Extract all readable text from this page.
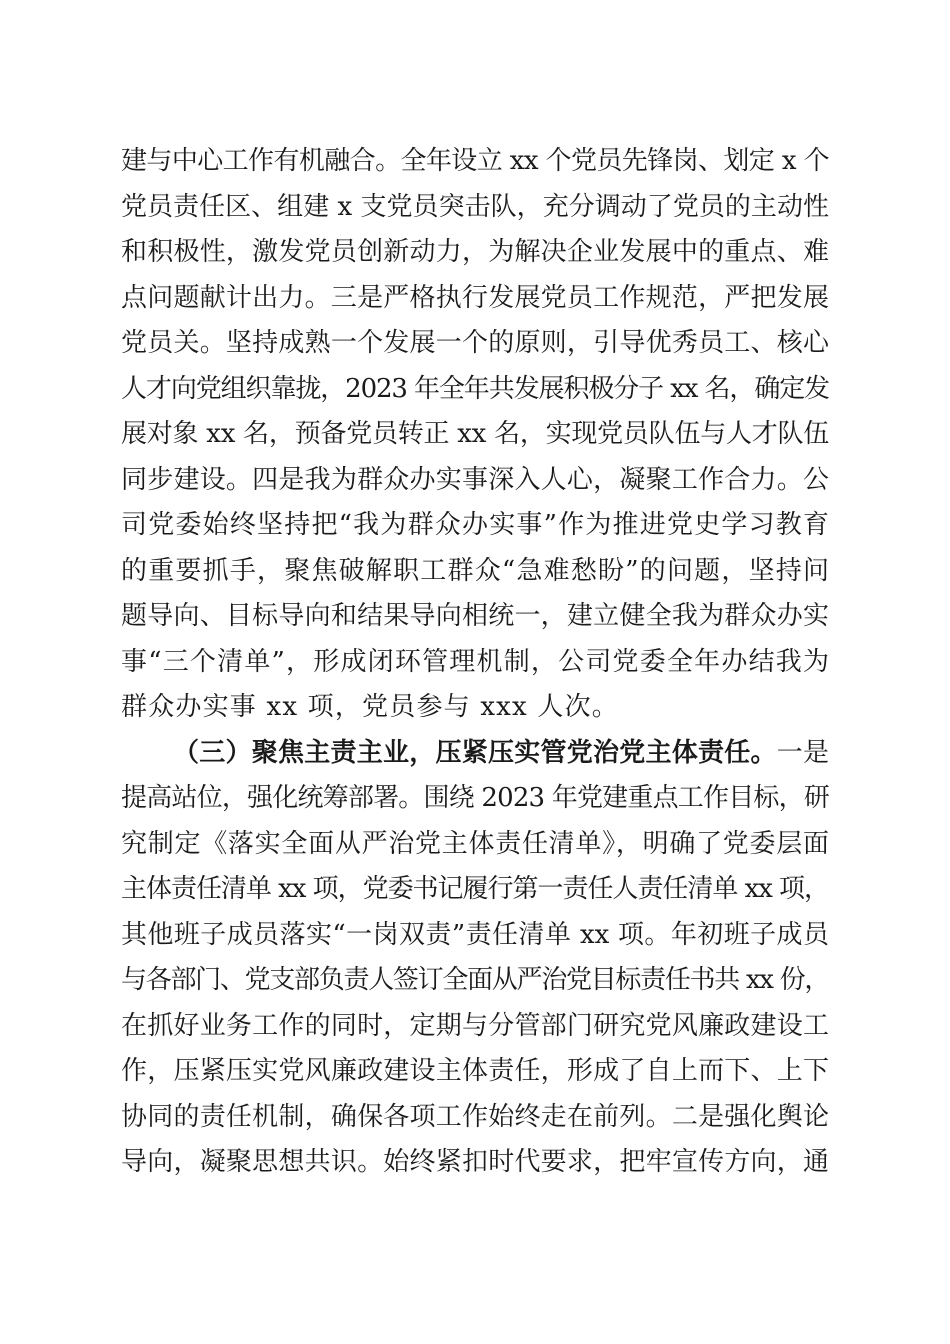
建与中心工作有机融合。全年设立 xx 个党员先锋岗、划定 x 个
党员责任区、组建 x 支党员突击队，充分调动了党员的主动性
和积极性，激发党员创新动力，为解决企业发展中的重点、难
点问题献计出力。三是严格执行发展党员工作规范，严把发展
党员关。坚持成熟一个发展一个的原则，引导优秀员工、核心
人才向党组织靠拢，2023 年全年共发展积极分子 xx 名，确定发
展对象 xx 名，预备党员转正 xx 名，实现党员队伍与人才队伍
同步建设。四是我为群众办实事深入人心，凝聚工作合力。公
司党委始终坚持把“我为群众办实事”作为推进党史学习教育
的重要抓手，聚焦破解职工群众“急难愁盼”的问题，坚持问
题导向、目标导向和结果导向相统一，建立健全我为群众办实
事“三个清单”，形成闭环管理机制，公司党委全年办结我为
群众办实事 xx 项，党员参与 xxx 人次。
（三）聚焦主责主业，压紧压实管党治党主体责任。一是
提高站位，强化统筹部署。围绕 2023 年党建重点工作目标，研
究制定《落实全面从严治党主体责任清单》，明确了党委层面
主体责任清单 xx 项，党委书记履行第一责任人责任清单 xx 项，
其他班子成员落实“一岗双责”责任清单 xx 项。年初班子成员
与各部门、党支部负责人签订全面从严治党目标责任书共 xx 份，
在抓好业务工作的同时，定期与分管部门研究党风廉政建设工
作，压紧压实党风廉政建设主体责任，形成了自上而下、上下
协同的责任机制，确保各项工作始终走在前列。二是强化舆论
导向，凝聚思想共识。始终紧扣时代要求，把牢宣传方向，通
